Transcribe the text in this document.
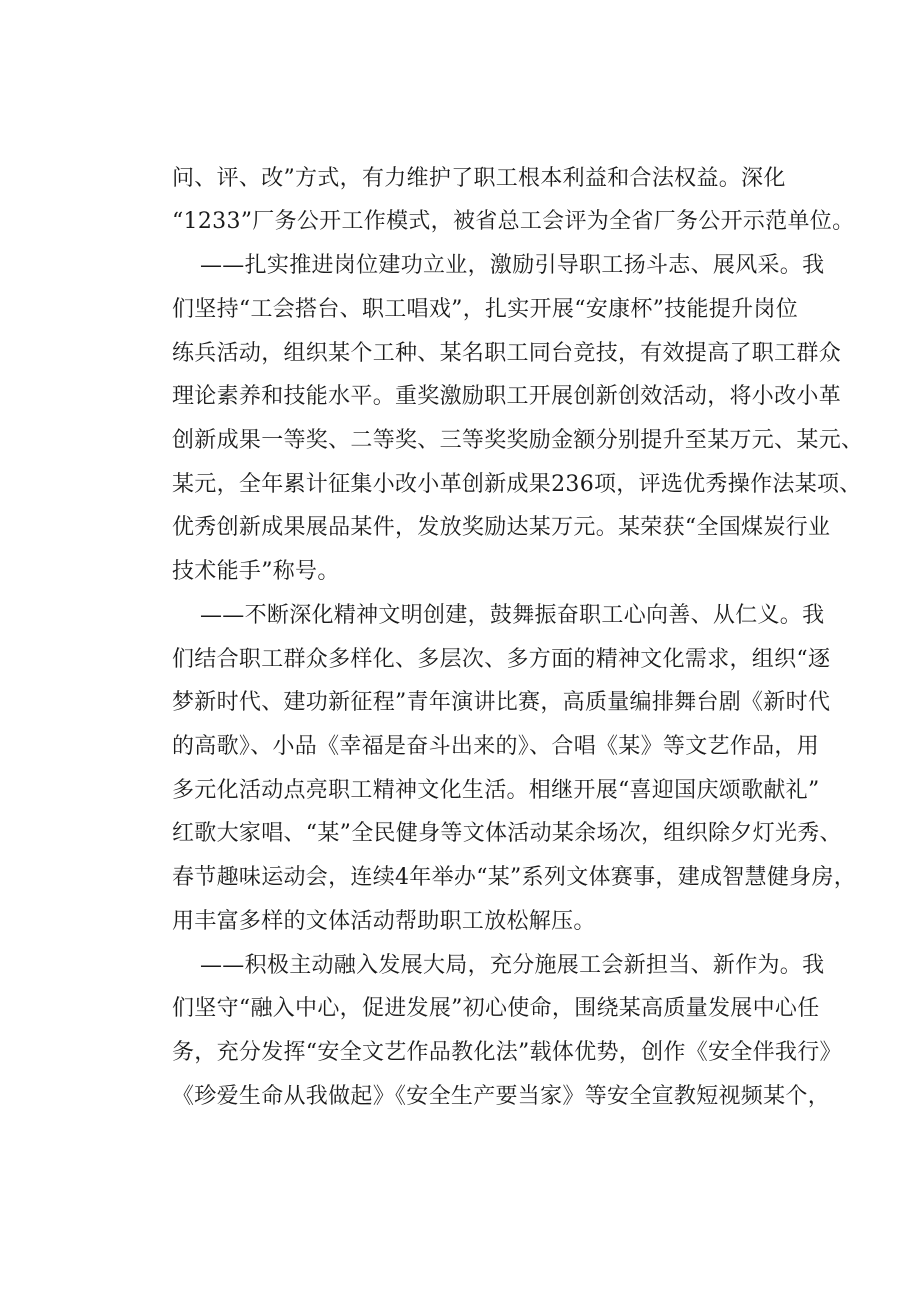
问、评、改”方式，有力维护了职工根本利益和合法权益。深化

“1233”厂务公开工作模式，被省总工会评为全省厂务公开示范单位。

——扎实推进岗位建功立业，激励引导职工扬斗志、展风采。我

们坚持“工会搭台、职工唱戏”，扎实开展“安康杯”技能提升岗位

练兵活动，组织某个工种、某名职工同台竞技，有效提高了职工群众

理论素养和技能水平。重奖激励职工开展创新创效活动，将小改小革

创新成果一等奖、二等奖、三等奖奖励金额分别提升至某万元、某元、

某元，全年累计征集小改小革创新成果236项，评选优秀操作法某项、

优秀创新成果展品某件，发放奖励达某万元。某荣获“全国煤炭行业

技术能手”称号。

——不断深化精神文明创建，鼓舞振奋职工心向善、从仁义。我

们结合职工群众多样化、多层次、多方面的精神文化需求，组织“逐

梦新时代、建功新征程”青年演讲比赛，高质量编排舞台剧《新时代

的高歌》、小品《幸福是奋斗出来的》、合唱《某》等文艺作品，用

多元化活动点亮职工精神文化生活。相继开展“喜迎国庆颂歌献礼”

红歌大家唱、“某”全民健身等文体活动某余场次，组织除夕灯光秀、

春节趣味运动会，连续4年举办“某”系列文体赛事，建成智慧健身房，

用丰富多样的文体活动帮助职工放松解压。

——积极主动融入发展大局，充分施展工会新担当、新作为。我

们坚守“融入中心，促进发展”初心使命，围绕某高质量发展中心任

务，充分发挥“安全文艺作品教化法”载体优势，创作《安全伴我行》

《珍爱生命从我做起》《安全生产要当家》等安全宣教短视频某个，
